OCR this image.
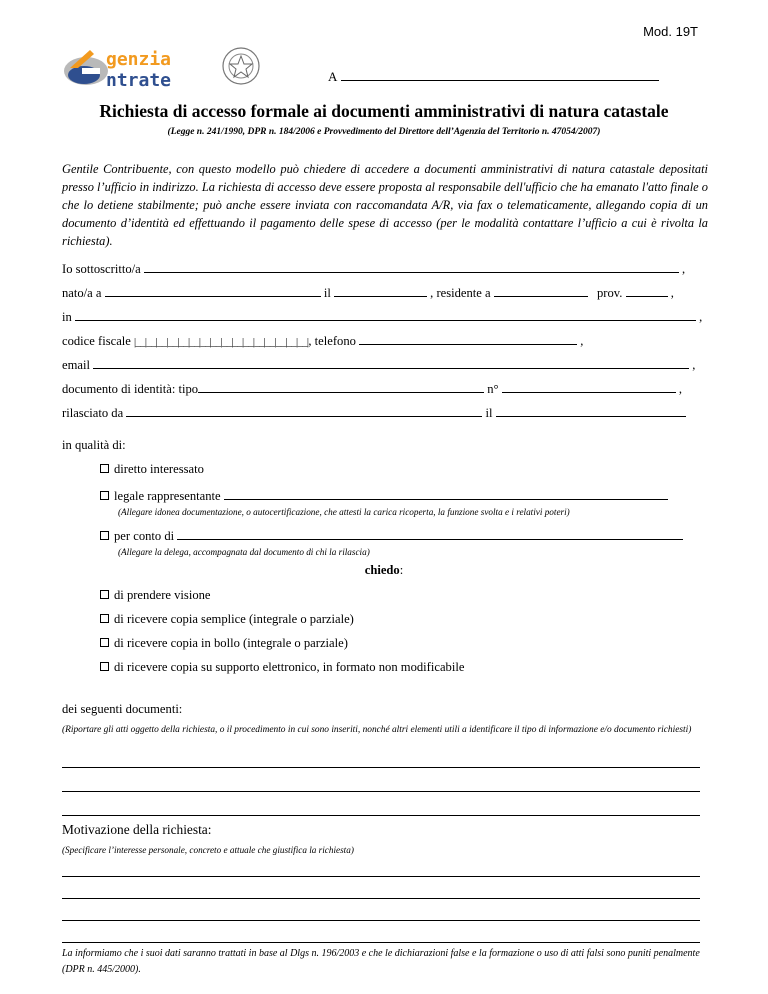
Mod. 19T
genzia
ntrate	A
Richiesta di accesso formale ai documenti amministrativi di natura catastale
(Legge n. 241/1990, DPR n. 184/2006 e Provvedimento del Direttore dell’Agenzia del Territorio n. 47054/2007)
Gentile Contribuente, con questo modello può chiedere di accedere a documenti amministrativi di natura catastale depositati presso l’ufficio in indirizzo. La richiesta di accesso deve essere proposta al responsabile dell'ufficio che ha emanato l'atto finale o che lo detiene stabilmente; può anche essere inviata con raccomandata A/R, via fax o telematicamente, allegando copia di un documento d’identità ed effettuando il pagamento delle spese di accesso (per le modalità contattare l’ufficio a cui è rivolta la richiesta).
Io sottoscritto/a	,
nato/a a	il	, residente a	prov.	,
in	,
codice fiscale |__|__|__|__|__|__|__|__|__|__|__|__|__|__|__|__|, telefono	,
email	,
documento di identità: tipo	n°	,
rilasciato da	il
in qualità di:
diretto interessato
legale rappresentante
(Allegare idonea documentazione, o autocertificazione, che attesti la carica ricoperta, la funzione svolta e i relativi poteri)
per conto di
(Allegare la delega, accompagnata dal documento di chi la rilascia)
chiedo:
di prendere visione
di ricevere copia semplice (integrale o parziale)
di ricevere copia in bollo (integrale o parziale)
di ricevere copia su supporto elettronico, in formato non modificabile
dei seguenti documenti:
(Riportare gli atti oggetto della richiesta, o il procedimento in cui sono inseriti, nonché altri elementi utili a identificare il tipo di informazione e/o documento richiesti)
Motivazione della richiesta:
(Specificare l’interesse personale, concreto e attuale che giustifica la richiesta)
La informiamo che i suoi dati saranno trattati in base al Dlgs n. 196/2003 e che le dichiarazioni false e la formazione o uso di atti falsi sono puniti penalmente (DPR n. 445/2000).
